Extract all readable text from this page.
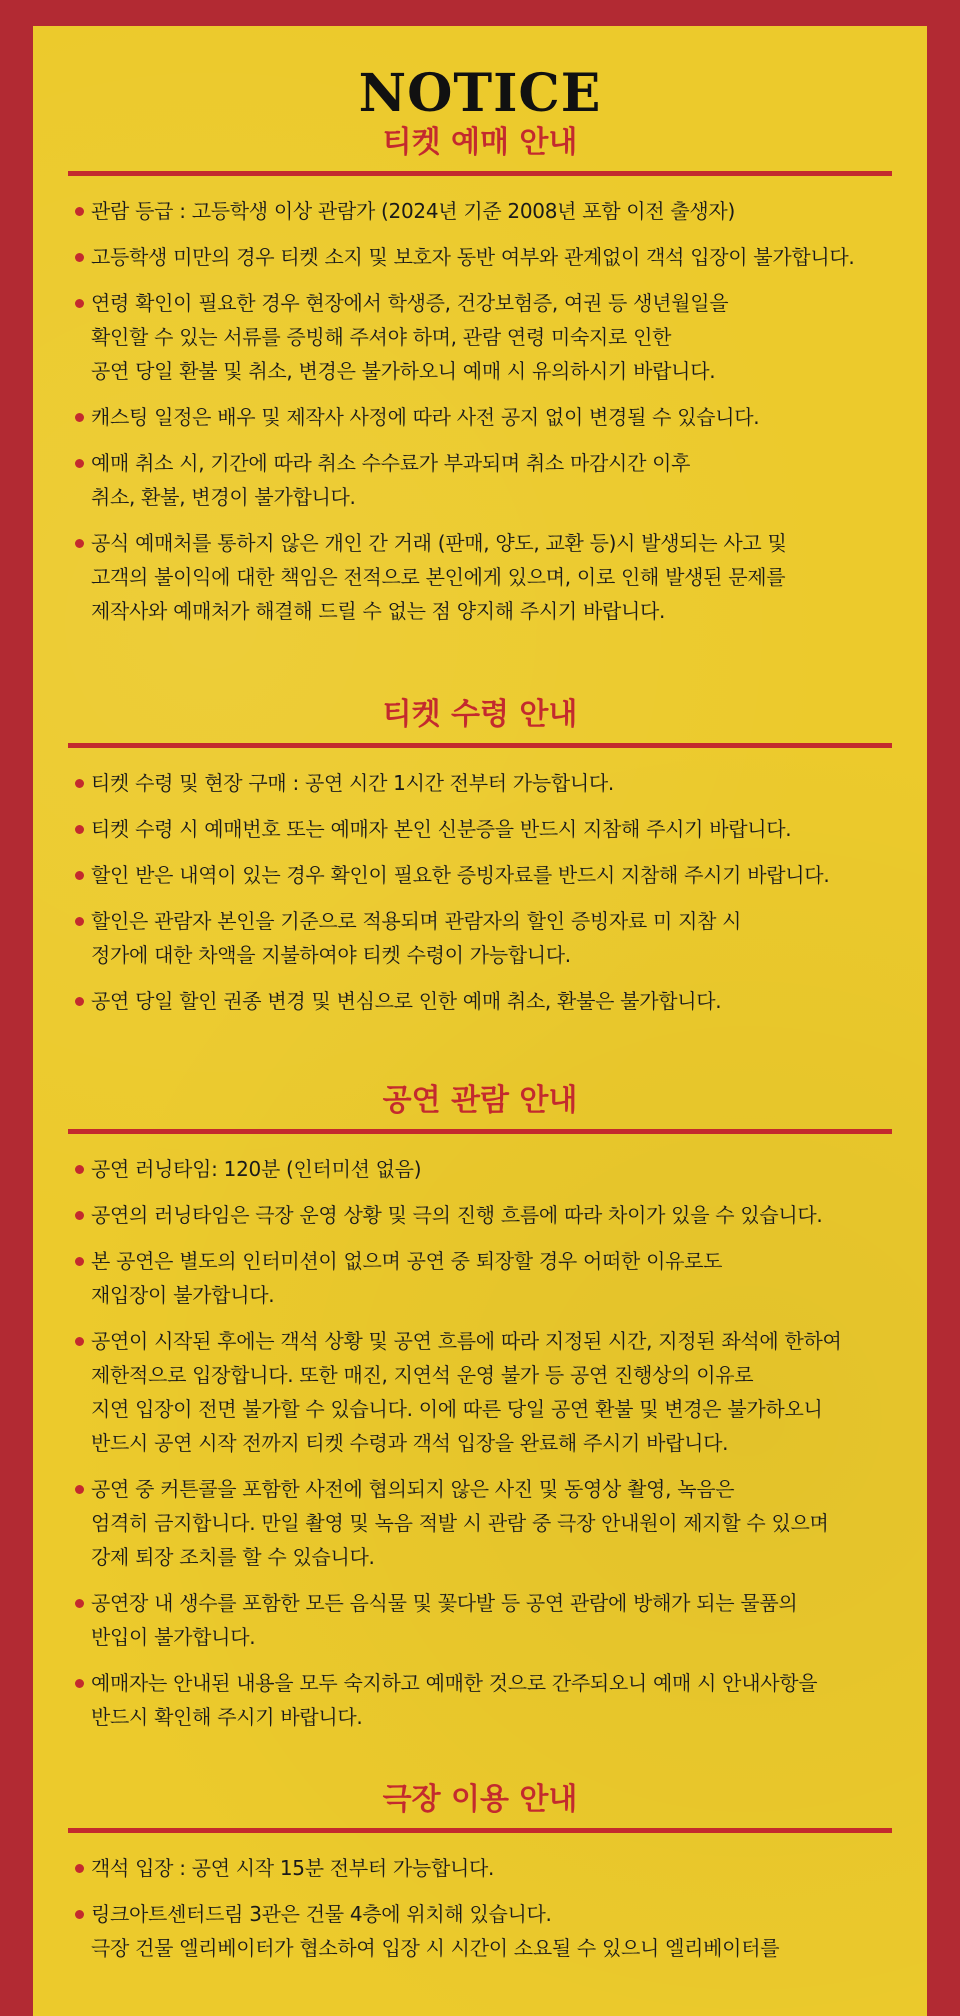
NOTICE
티켓 예매 안내
관람 등급 : 고등학생 이상 관람가 (2024년 기준 2008년 포함 이전 출생자)
고등학생 미만의 경우 티켓 소지 및 보호자 동반 여부와 관계없이 객석 입장이 불가합니다.
연령 확인이 필요한 경우 현장에서 학생증, 건강보험증, 여권 등 생년월일을
확인할 수 있는 서류를 증빙해 주셔야 하며, 관람 연령 미숙지로 인한
공연 당일 환불 및 취소, 변경은 불가하오니 예매 시 유의하시기 바랍니다.
캐스팅 일정은 배우 및 제작사 사정에 따라 사전 공지 없이 변경될 수 있습니다.
예매 취소 시, 기간에 따라 취소 수수료가 부과되며 취소 마감시간 이후
취소, 환불, 변경이 불가합니다.
공식 예매처를 통하지 않은 개인 간 거래 (판매, 양도, 교환 등)시 발생되는 사고 및
고객의 불이익에 대한 책임은 전적으로 본인에게 있으며, 이로 인해 발생된 문제를
제작사와 예매처가 해결해 드릴 수 없는 점 양지해 주시기 바랍니다.
티켓 수령 안내
티켓 수령 및 현장 구매 : 공연 시간 1시간 전부터 가능합니다.
티켓 수령 시 예매번호 또는 예매자 본인 신분증을 반드시 지참해 주시기 바랍니다.
할인 받은 내역이 있는 경우 확인이 필요한 증빙자료를 반드시 지참해 주시기 바랍니다.
할인은 관람자 본인을 기준으로 적용되며 관람자의 할인 증빙자료 미 지참 시
정가에 대한 차액을 지불하여야 티켓 수령이 가능합니다.
공연 당일 할인 권종 변경 및 변심으로 인한 예매 취소, 환불은 불가합니다.
공연 관람 안내
공연 러닝타임: 120분 (인터미션 없음)
공연의 러닝타임은 극장 운영 상황 및 극의 진행 흐름에 따라 차이가 있을 수 있습니다.
본 공연은 별도의 인터미션이 없으며 공연 중 퇴장할 경우 어떠한 이유로도
재입장이 불가합니다.
공연이 시작된 후에는 객석 상황 및 공연 흐름에 따라 지정된 시간, 지정된 좌석에 한하여
제한적으로 입장합니다. 또한 매진, 지연석 운영 불가 등 공연 진행상의 이유로
지연 입장이 전면 불가할 수 있습니다. 이에 따른 당일 공연 환불 및 변경은 불가하오니
반드시 공연 시작 전까지 티켓 수령과 객석 입장을 완료해 주시기 바랍니다.
공연 중 커튼콜을 포함한 사전에 협의되지 않은 사진 및 동영상 촬영, 녹음은
엄격히 금지합니다. 만일 촬영 및 녹음 적발 시 관람 중 극장 안내원이 제지할 수 있으며
강제 퇴장 조치를 할 수 있습니다.
공연장 내 생수를 포함한 모든 음식물 및 꽃다발 등 공연 관람에 방해가 되는 물품의
반입이 불가합니다.
예매자는 안내된 내용을 모두 숙지하고 예매한 것으로 간주되오니 예매 시 안내사항을
반드시 확인해 주시기 바랍니다.
극장 이용 안내
객석 입장 : 공연 시작 15분 전부터 가능합니다.
링크아트센터드림 3관은 건물 4층에 위치해 있습니다.
극장 건물 엘리베이터가 협소하여 입장 시 시간이 소요될 수 있으니 엘리베이터를
